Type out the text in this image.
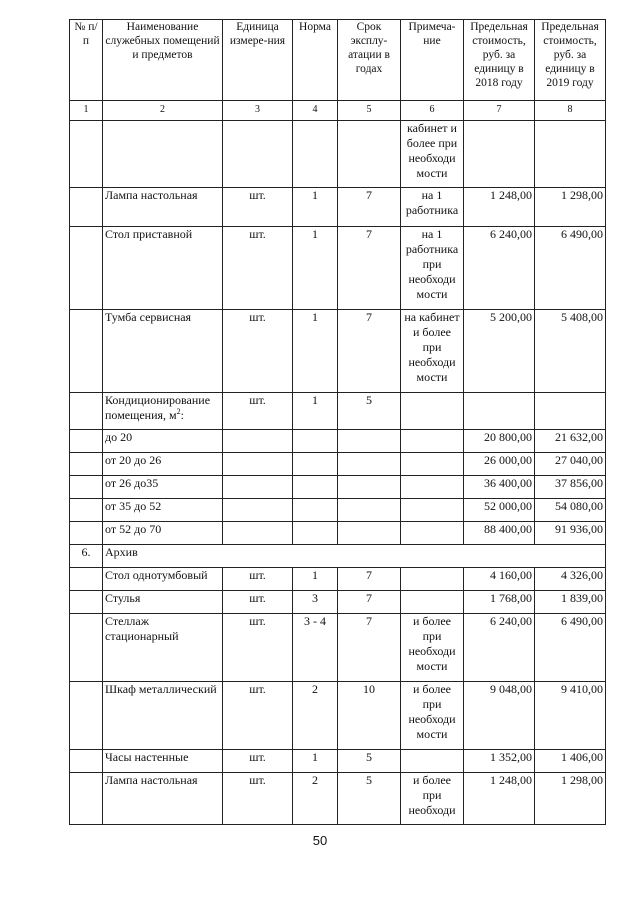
№ п/п	Наименование служебных помещений и предметов	Единица измере-ния	Норма	Срок эксплу-атации в годах	Примеча-ние	Предельная стоимость, руб. за единицу в 2018 году	Предельная стоимость, руб. за единицу в 2019 году
1	2	3	4	5	6	7	8
					кабинет и более при необходи мости		
	Лампа настольная	шт.	1	7	на 1 работника	1 248,00	1 298,00
	Стол приставной	шт.	1	7	на 1 работника при необходи мости	6 240,00	6 490,00
	Тумба сервисная	шт.	1	7	на кабинет и более при необходи мости	5 200,00	5 408,00
	Кондиционирование помещения, $м^2$:	шт.	1	5			
	до 20					20 800,00	21 632,00
	от 20 до 26					26 000,00	27 040,00
	от 26 до35					36 400,00	37 856,00
	от 35 до 52					52 000,00	54 080,00
	от 52 до 70					88 400,00	91 936,00
6.	Архив						
	Стол однотумбовый	шт.	1	7		4 160,00	4 326,00
	Стулья	шт.	3	7		1 768,00	1 839,00
	Стеллаж стационарный	шт.	3 - 4	7	и более при необходи мости	6 240,00	6 490,00
	Шкаф металлический	шт.	2	10	и более при необходи мости	9 048,00	9 410,00
	Часы настенные	шт.	1	5		1 352,00	1 406,00
	Лампа настольная	шт.	2	5	и более при необходи	1 248,00	1 298,00
50
